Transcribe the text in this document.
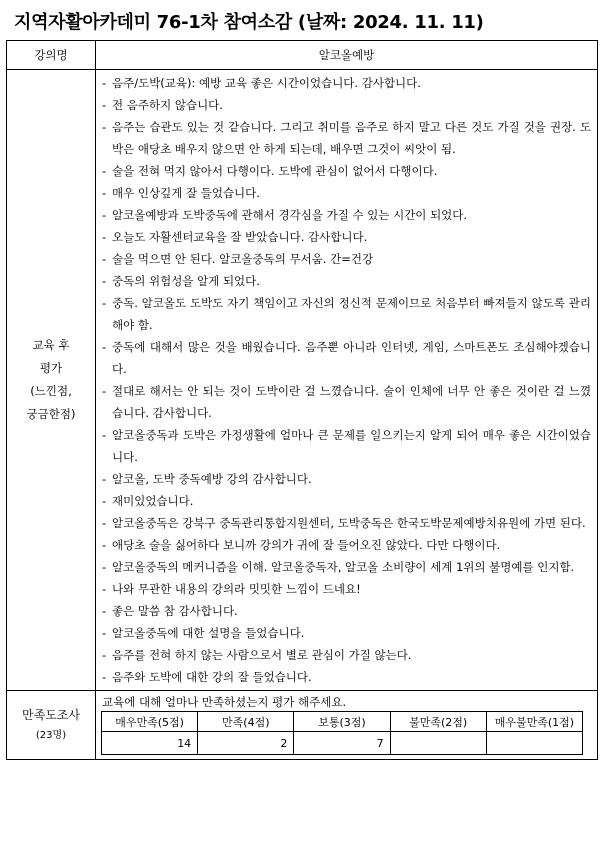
지역자활아카데미 76-1차 참여소감 (날짜: 2024. 11. 11)
강의명	알코올예방

교육 후
평가
(느낀점,
궁금한점)

- 음주/도박(교육): 예방 교육 좋은 시간이었습니다. 감사합니다.
- 전 음주하지 않습니다.
- 음주는 습관도 있는 것 같습니다. 그리고 취미를 음주로 하지 말고 다른 것도 가질 것을 권장. 도박은 애당초 배우지 않으면 안 하게 되는데, 배우면 그것이 씨앗이 됨.
- 술을 전혀 먹지 않아서 다행이다. 도박에 관심이 없어서 다행이다.
- 매우 인상깊게 잘 들었습니다.
- 알코올예방과 도박중독에 관해서 경각심을 가질 수 있는 시간이 되었다.
- 오늘도 자활센터교육을 잘 받았습니다. 감사합니다.
- 술을 먹으면 안 된다. 알코올중독의 무서움. 간=건강
- 중독의 위험성을 알게 되었다.
- 중독. 알코올도 도박도 자기 책임이고 자신의 정신적 문제이므로 처음부터 빠져들지 않도록 관리해야 함.
- 중독에 대해서 많은 것을 배웠습니다. 음주뿐 아니라 인터넷, 게임, 스마트폰도 조심해야겠습니다.
- 절대로 해서는 안 되는 것이 도박이란 걸 느꼈습니다. 술이 인체에 너무 안 좋은 것이란 걸 느꼈습니다. 감사합니다.
- 알코올중독과 도박은 가정생활에 얼마나 큰 문제를 일으키는지 알게 되어 매우 좋은 시간이었습니다.
- 알코올, 도박 중독예방 강의 감사합니다.
- 재미있었습니다.
- 알코올중독은 강북구 중독관리통합지원센터, 도박중독은 한국도박문제예방치유원에 가면 된다.
- 애당초 술을 싫어하다 보니까 강의가 귀에 잘 들어오진 않았다. 다만 다행이다.
- 알코올중독의 메커니즘을 이해. 알코올중독자, 알코올 소비량이 세계 1위의 불명예를 인지함.
- 나와 무관한 내용의 강의라 밋밋한 느낌이 드네요!
- 좋은 말씀 참 감사합니다.
- 알코올중독에 대한 설명을 들었습니다.
- 음주를 전혀 하지 않는 사람으로서 별로 관심이 가질 않는다.
- 음주와 도박에 대한 강의 잘 들었습니다.

만족도조사
(23명)

교육에 대해 얼마나 만족하셨는지 평가 해주세요.
매우만족(5점)	만족(4점)	보통(3점)	불만족(2점)	매우불만족(1점)
14	2	7		
